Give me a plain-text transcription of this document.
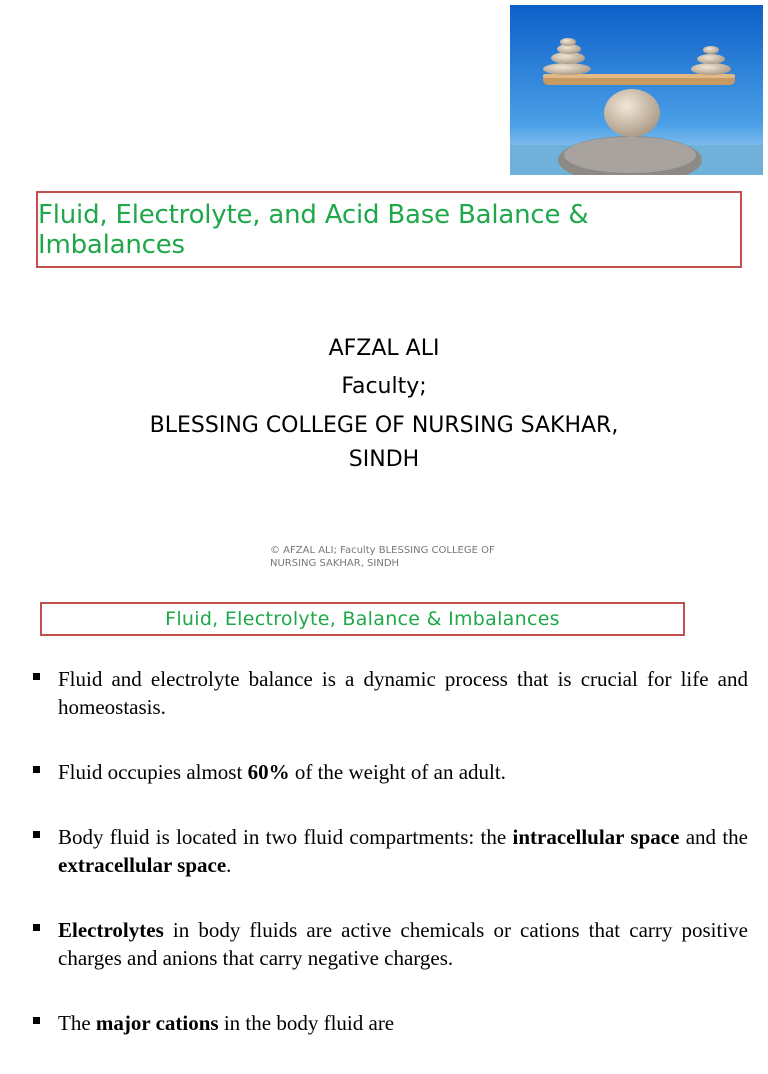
Fluid, Electrolyte, and Acid Base Balance & Imbalances
AFZAL ALI
Faculty;
BLESSING COLLEGE OF NURSING SAKHAR,
SINDH
© AFZAL ALI; Faculty BLESSING COLLEGE OF NURSING SAKHAR, SINDH
Fluid, Electrolyte, Balance & Imbalances
Fluid and electrolyte balance is a dynamic process that is crucial for life and homeostasis.
Fluid occupies almost 60% of the weight of an adult.
Body fluid is located in two fluid compartments: the intracellular space and the extracellular space.
Electrolytes in body fluids are active chemicals or cations that carry positive charges and anions that carry negative charges.
The major cations in the body fluid are
